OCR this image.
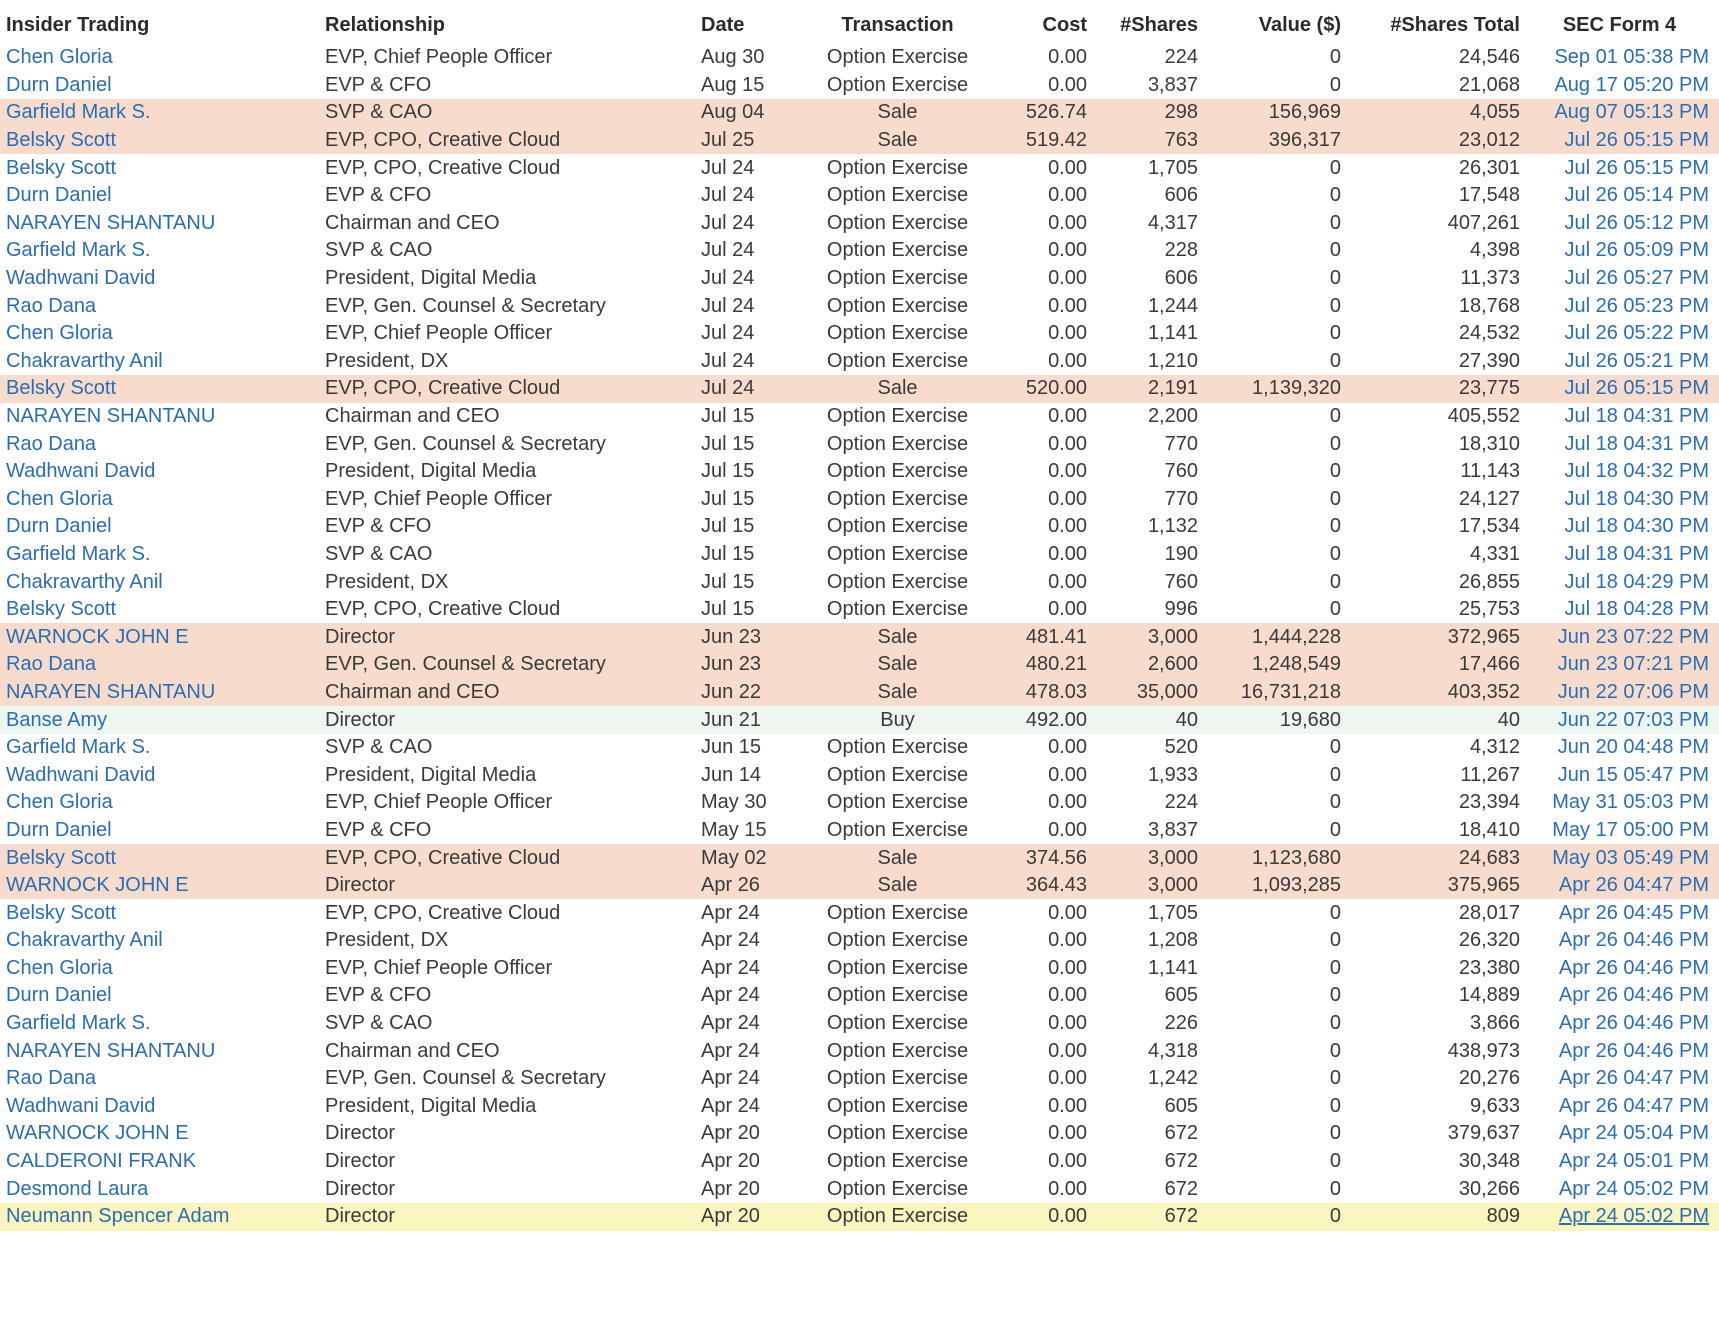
Insider Trading	Relationship	Date	Transaction	Cost	#Shares	Value ($)	#Shares Total	SEC Form 4
Chen Gloria	EVP, Chief People Officer	Aug 30	Option Exercise	0.00	224	0	24,546	Sep 01 05:38 PM
Durn Daniel	EVP & CFO	Aug 15	Option Exercise	0.00	3,837	0	21,068	Aug 17 05:20 PM
Garfield Mark S.	SVP & CAO	Aug 04	Sale	526.74	298	156,969	4,055	Aug 07 05:13 PM
Belsky Scott	EVP, CPO, Creative Cloud	Jul 25	Sale	519.42	763	396,317	23,012	Jul 26 05:15 PM
Belsky Scott	EVP, CPO, Creative Cloud	Jul 24	Option Exercise	0.00	1,705	0	26,301	Jul 26 05:15 PM
Durn Daniel	EVP & CFO	Jul 24	Option Exercise	0.00	606	0	17,548	Jul 26 05:14 PM
NARAYEN SHANTANU	Chairman and CEO	Jul 24	Option Exercise	0.00	4,317	0	407,261	Jul 26 05:12 PM
Garfield Mark S.	SVP & CAO	Jul 24	Option Exercise	0.00	228	0	4,398	Jul 26 05:09 PM
Wadhwani David	President, Digital Media	Jul 24	Option Exercise	0.00	606	0	11,373	Jul 26 05:27 PM
Rao Dana	EVP, Gen. Counsel & Secretary	Jul 24	Option Exercise	0.00	1,244	0	18,768	Jul 26 05:23 PM
Chen Gloria	EVP, Chief People Officer	Jul 24	Option Exercise	0.00	1,141	0	24,532	Jul 26 05:22 PM
Chakravarthy Anil	President, DX	Jul 24	Option Exercise	0.00	1,210	0	27,390	Jul 26 05:21 PM
Belsky Scott	EVP, CPO, Creative Cloud	Jul 24	Sale	520.00	2,191	1,139,320	23,775	Jul 26 05:15 PM
NARAYEN SHANTANU	Chairman and CEO	Jul 15	Option Exercise	0.00	2,200	0	405,552	Jul 18 04:31 PM
Rao Dana	EVP, Gen. Counsel & Secretary	Jul 15	Option Exercise	0.00	770	0	18,310	Jul 18 04:31 PM
Wadhwani David	President, Digital Media	Jul 15	Option Exercise	0.00	760	0	11,143	Jul 18 04:32 PM
Chen Gloria	EVP, Chief People Officer	Jul 15	Option Exercise	0.00	770	0	24,127	Jul 18 04:30 PM
Durn Daniel	EVP & CFO	Jul 15	Option Exercise	0.00	1,132	0	17,534	Jul 18 04:30 PM
Garfield Mark S.	SVP & CAO	Jul 15	Option Exercise	0.00	190	0	4,331	Jul 18 04:31 PM
Chakravarthy Anil	President, DX	Jul 15	Option Exercise	0.00	760	0	26,855	Jul 18 04:29 PM
Belsky Scott	EVP, CPO, Creative Cloud	Jul 15	Option Exercise	0.00	996	0	25,753	Jul 18 04:28 PM
WARNOCK JOHN E	Director	Jun 23	Sale	481.41	3,000	1,444,228	372,965	Jun 23 07:22 PM
Rao Dana	EVP, Gen. Counsel & Secretary	Jun 23	Sale	480.21	2,600	1,248,549	17,466	Jun 23 07:21 PM
NARAYEN SHANTANU	Chairman and CEO	Jun 22	Sale	478.03	35,000	16,731,218	403,352	Jun 22 07:06 PM
Banse Amy	Director	Jun 21	Buy	492.00	40	19,680	40	Jun 22 07:03 PM
Garfield Mark S.	SVP & CAO	Jun 15	Option Exercise	0.00	520	0	4,312	Jun 20 04:48 PM
Wadhwani David	President, Digital Media	Jun 14	Option Exercise	0.00	1,933	0	11,267	Jun 15 05:47 PM
Chen Gloria	EVP, Chief People Officer	May 30	Option Exercise	0.00	224	0	23,394	May 31 05:03 PM
Durn Daniel	EVP & CFO	May 15	Option Exercise	0.00	3,837	0	18,410	May 17 05:00 PM
Belsky Scott	EVP, CPO, Creative Cloud	May 02	Sale	374.56	3,000	1,123,680	24,683	May 03 05:49 PM
WARNOCK JOHN E	Director	Apr 26	Sale	364.43	3,000	1,093,285	375,965	Apr 26 04:47 PM
Belsky Scott	EVP, CPO, Creative Cloud	Apr 24	Option Exercise	0.00	1,705	0	28,017	Apr 26 04:45 PM
Chakravarthy Anil	President, DX	Apr 24	Option Exercise	0.00	1,208	0	26,320	Apr 26 04:46 PM
Chen Gloria	EVP, Chief People Officer	Apr 24	Option Exercise	0.00	1,141	0	23,380	Apr 26 04:46 PM
Durn Daniel	EVP & CFO	Apr 24	Option Exercise	0.00	605	0	14,889	Apr 26 04:46 PM
Garfield Mark S.	SVP & CAO	Apr 24	Option Exercise	0.00	226	0	3,866	Apr 26 04:46 PM
NARAYEN SHANTANU	Chairman and CEO	Apr 24	Option Exercise	0.00	4,318	0	438,973	Apr 26 04:46 PM
Rao Dana	EVP, Gen. Counsel & Secretary	Apr 24	Option Exercise	0.00	1,242	0	20,276	Apr 26 04:47 PM
Wadhwani David	President, Digital Media	Apr 24	Option Exercise	0.00	605	0	9,633	Apr 26 04:47 PM
WARNOCK JOHN E	Director	Apr 20	Option Exercise	0.00	672	0	379,637	Apr 24 05:04 PM
CALDERONI FRANK	Director	Apr 20	Option Exercise	0.00	672	0	30,348	Apr 24 05:01 PM
Desmond Laura	Director	Apr 20	Option Exercise	0.00	672	0	30,266	Apr 24 05:02 PM
Neumann Spencer Adam	Director	Apr 20	Option Exercise	0.00	672	0	809	Apr 24 05:02 PM
